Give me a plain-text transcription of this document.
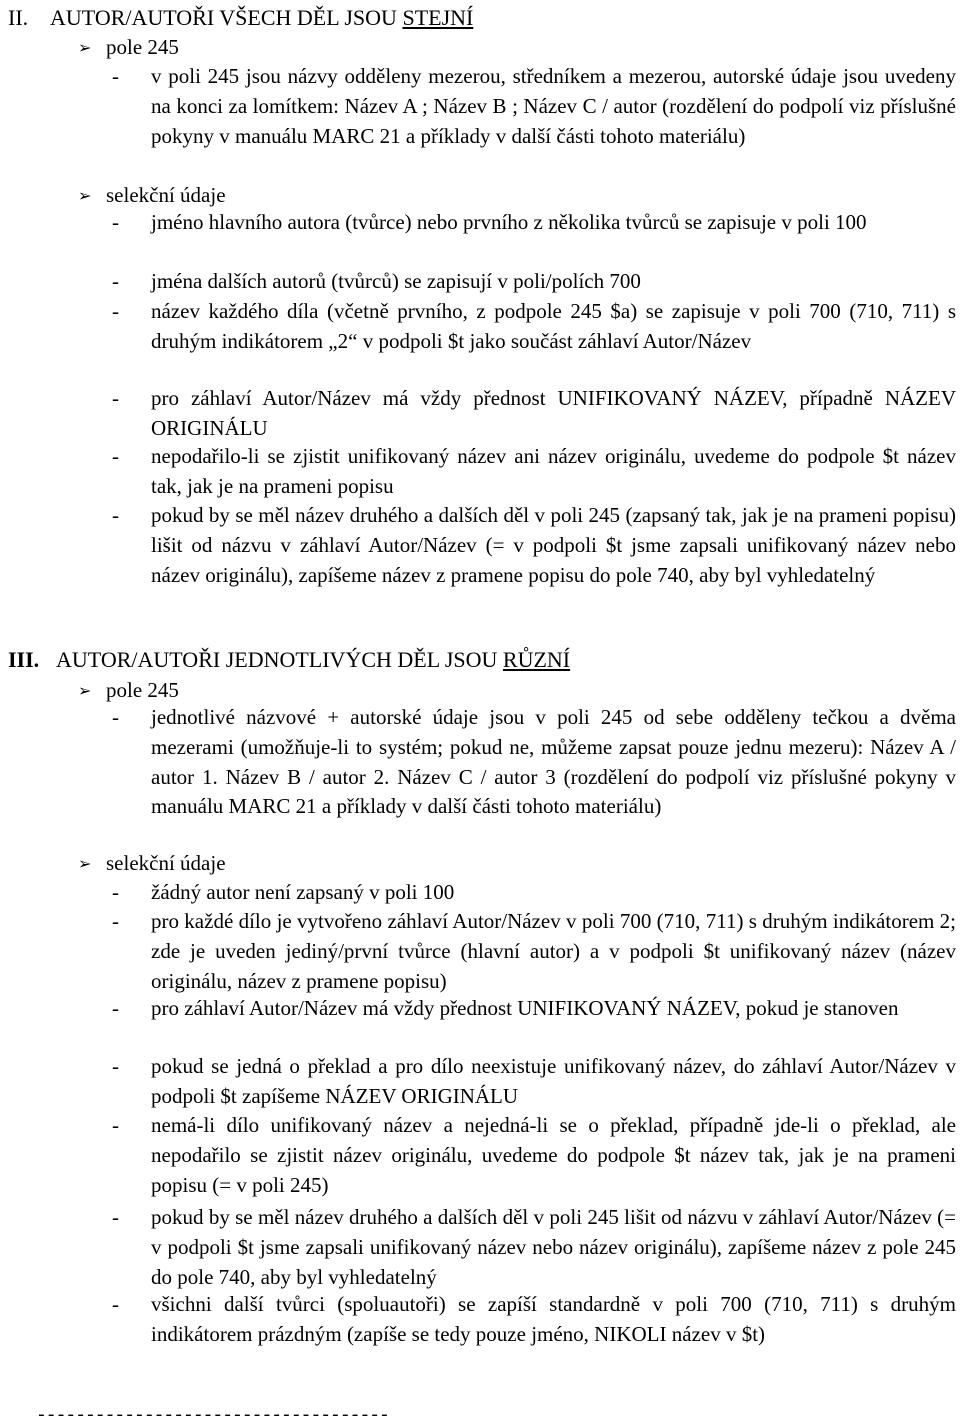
II. AUTOR/AUTOŘI VŠECH DĚL JSOU STEJNÍ
➢ pole 245
- v poli 245 jsou názvy odděleny mezerou, středníkem a mezerou, autorské údaje jsou uvedeny na konci za lomítkem: Název A ; Název B ; Název C / autor (rozdělení do podpolí viz příslušné pokyny v manuálu MARC 21 a příklady v další části tohoto materiálu)
➢ selekční údaje
- jméno hlavního autora (tvůrce) nebo prvního z několika tvůrců se zapisuje v poli 100
- jména dalších autorů (tvůrců) se zapisují v poli/polích 700
- název každého díla (včetně prvního, z podpole 245 $a) se zapisuje v poli 700 (710, 711) s druhým indikátorem „2“ v podpoli $t jako součást záhlaví Autor/Název
- pro záhlaví Autor/Název má vždy přednost UNIFIKOVANÝ NÁZEV, případně NÁZEV ORIGINÁLU
- nepodařilo-li se zjistit unifikovaný název ani název originálu, uvedeme do podpole $t název tak, jak je na prameni popisu
- pokud by se měl název druhého a dalších děl v poli 245 (zapsaný tak, jak je na prameni popisu) lišit od názvu v záhlaví Autor/Název (= v podpoli $t jsme zapsali unifikovaný název nebo název originálu), zapíšeme název z pramene popisu do pole 740, aby byl vyhledatelný
III. AUTOR/AUTOŘI JEDNOTLIVÝCH DĚL JSOU RŮZNÍ
➢ pole 245
- jednotlivé názvové + autorské údaje jsou v poli 245 od sebe odděleny tečkou a dvěma mezerami (umožňuje-li to systém; pokud ne, můžeme zapsat pouze jednu mezeru): Název A / autor 1. Název B / autor 2. Název C / autor 3 (rozdělení do podpolí viz příslušné pokyny v manuálu MARC 21 a příklady v další části tohoto materiálu)
➢ selekční údaje
- žádný autor není zapsaný v poli 100
- pro každé dílo je vytvořeno záhlaví Autor/Název v poli 700 (710, 711) s druhým indikátorem 2; zde je uveden jediný/první tvůrce (hlavní autor) a v podpoli $t unifikovaný název (název originálu, název z pramene popisu)
- pro záhlaví Autor/Název má vždy přednost UNIFIKOVANÝ NÁZEV, pokud je stanoven
- pokud se jedná o překlad a pro dílo neexistuje unifikovaný název, do záhlaví Autor/Název v podpoli $t zapíšeme NÁZEV ORIGINÁLU
- nemá-li dílo unifikovaný název a nejedná-li se o překlad, případně jde-li o překlad, ale nepodařilo se zjistit název originálu, uvedeme do podpole $t název tak, jak je na prameni popisu (= v poli 245)
- pokud by se měl název druhého a dalších děl v poli 245 lišit od názvu v záhlaví Autor/Název (= v podpoli $t jsme zapsali unifikovaný název nebo název originálu), zapíšeme název z pole 245 do pole 740, aby byl vyhledatelný
- všichni další tvůrci (spoluautoři) se zapíší standardně v poli 700 (710, 711) s druhým indikátorem prázdným (zapíše se tedy pouze jméno, NIKOLI název v $t)
------------------------------------
